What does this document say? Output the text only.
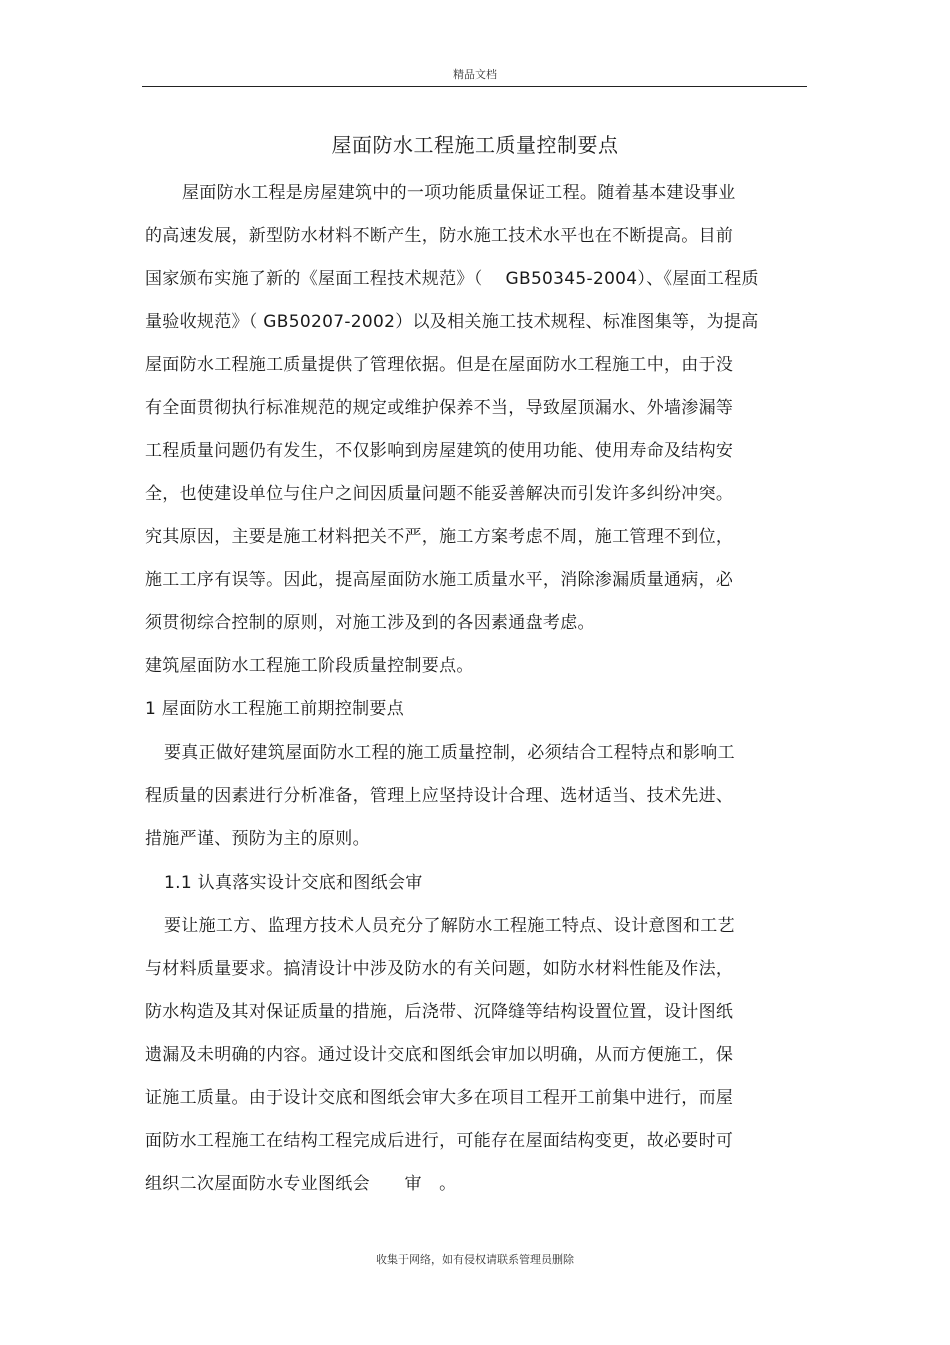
精品文档
屋面防水工程施工质量控制要点
屋面防水工程是房屋建筑中的一项功能质量保证工程。随着基本建设事业
的高速发展，新型防水材料不断产生，防水施工技术水平也在不断提高。目前
国家颁布实施了新的《屋面工程技术规范》（　 GB50345-2004）、《屋面工程质
量验收规范》（ GB50207-2002）以及相关施工技术规程、标准图集等，为提高
屋面防水工程施工质量提供了管理依据。但是在屋面防水工程施工中，由于没
有全面贯彻执行标准规范的规定或维护保养不当，导致屋顶漏水、外墙渗漏等
工程质量问题仍有发生，不仅影响到房屋建筑的使用功能、使用寿命及结构安
全，也使建设单位与住户之间因质量问题不能妥善解决而引发许多纠纷冲突。
究其原因，主要是施工材料把关不严，施工方案考虑不周，施工管理不到位，
施工工序有误等。因此，提高屋面防水施工质量水平，消除渗漏质量通病，必
须贯彻综合控制的原则，对施工涉及到的各因素通盘考虑。
建筑屋面防水工程施工阶段质量控制要点。
1 屋面防水工程施工前期控制要点
要真正做好建筑屋面防水工程的施工质量控制，必须结合工程特点和影响工
程质量的因素进行分析准备，管理上应坚持设计合理、选材适当、技术先进、
措施严谨、预防为主的原则。
1.1 认真落实设计交底和图纸会审
要让施工方、监理方技术人员充分了解防水工程施工特点、设计意图和工艺
与材料质量要求。搞清设计中涉及防水的有关问题，如防水材料性能及作法，
防水构造及其对保证质量的措施，后浇带、沉降缝等结构设置位置，设计图纸
遗漏及未明确的内容。通过设计交底和图纸会审加以明确，从而方便施工，保
证施工质量。由于设计交底和图纸会审大多在项目工程开工前集中进行，而屋
面防水工程施工在结构工程完成后进行，可能存在屋面结构变更，故必要时可
组织二次屋面防水专业图纸会　　审　。
收集于网络，如有侵权请联系管理员删除
